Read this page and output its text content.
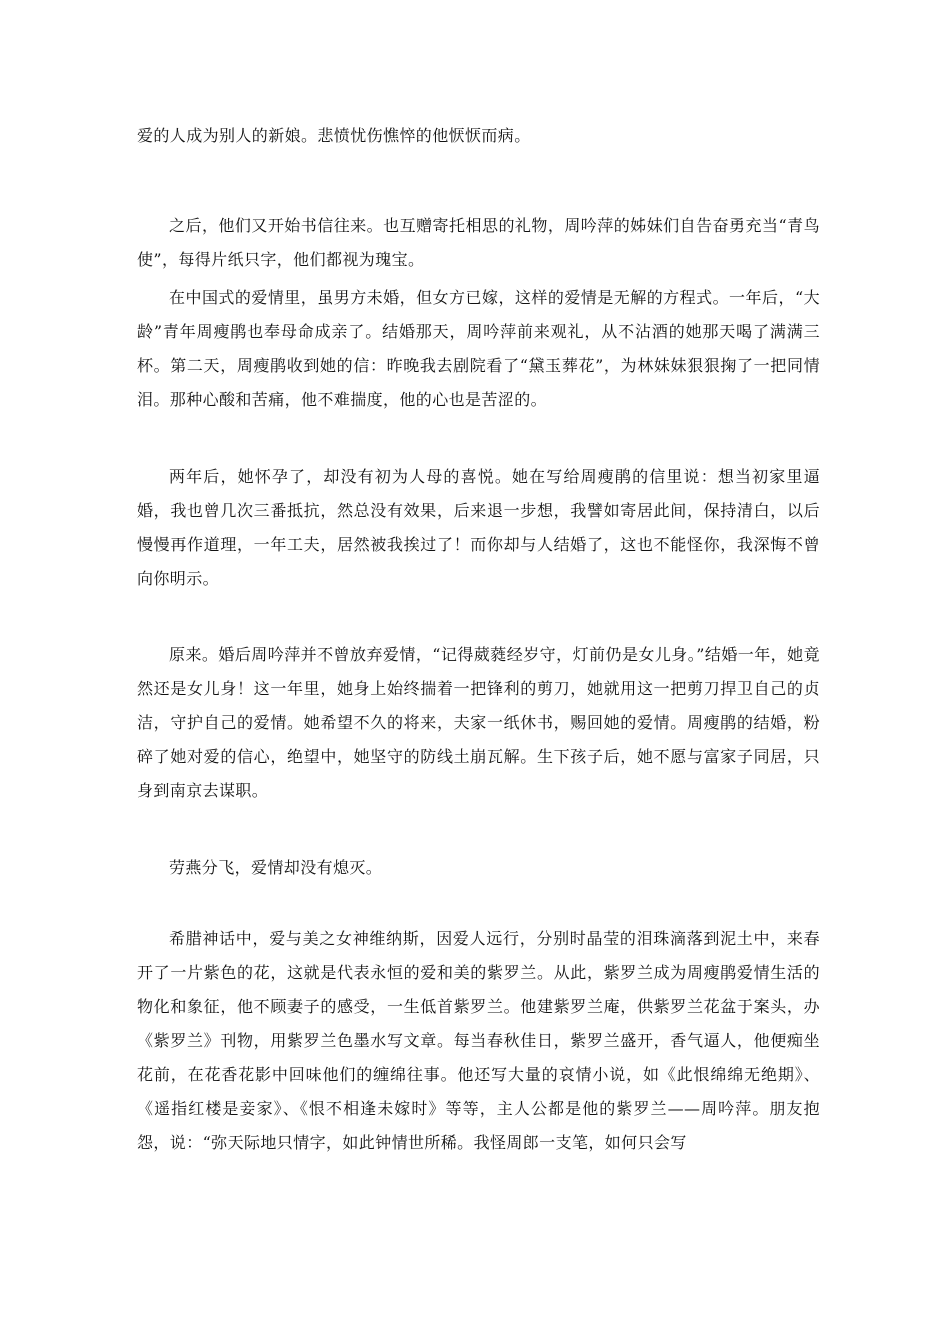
爱的人成为别人的新娘。悲愤忧伤憔悴的他恹恹而病。

之后，他们又开始书信往来。也互赠寄托相思的礼物，周吟萍的姊妹们自告奋勇充当“青鸟使”，每得片纸只字，他们都视为瑰宝。

在中国式的爱情里，虽男方未婚，但女方已嫁，这样的爱情是无解的方程式。一年后，“大龄”青年周瘦鹃也奉母命成亲了。结婚那天，周吟萍前来观礼，从不沾酒的她那天喝了满满三杯。第二天，周瘦鹃收到她的信：昨晚我去剧院看了“黛玉葬花”，为林妹妹狠狠掬了一把同情泪。那种心酸和苦痛，他不难揣度，他的心也是苦涩的。

两年后，她怀孕了，却没有初为人母的喜悦。她在写给周瘦鹃的信里说：想当初家里逼婚，我也曾几次三番抵抗，然总没有效果，后来退一步想，我譬如寄居此间，保持清白，以后慢慢再作道理，一年工夫，居然被我挨过了！而你却与人结婚了，这也不能怪你，我深悔不曾向你明示。

原来。婚后周吟萍并不曾放弃爱情，“记得葳蕤经岁守，灯前仍是女儿身。”结婚一年，她竟然还是女儿身！这一年里，她身上始终揣着一把锋利的剪刀，她就用这一把剪刀捍卫自己的贞洁，守护自己的爱情。她希望不久的将来，夫家一纸休书，赐回她的爱情。周瘦鹃的结婚，粉碎了她对爱的信心，绝望中，她坚守的防线土崩瓦解。生下孩子后，她不愿与富家子同居，只身到南京去谋职。

劳燕分飞，爱情却没有熄灭。

希腊神话中，爱与美之女神维纳斯，因爱人远行，分别时晶莹的泪珠滴落到泥土中，来春开了一片紫色的花，这就是代表永恒的爱和美的紫罗兰。从此，紫罗兰成为周瘦鹃爱情生活的物化和象征，他不顾妻子的感受，一生低首紫罗兰。他建紫罗兰庵，供紫罗兰花盆于案头，办《紫罗兰》刊物，用紫罗兰色墨水写文章。每当春秋佳日，紫罗兰盛开，香气逼人，他便痴坐花前，在花香花影中回味他们的缠绵往事。他还写大量的哀情小说，如《此恨绵绵无绝期》、《遥指红楼是妾家》、《恨不相逢未嫁时》等等，主人公都是他的紫罗兰——周吟萍。朋友抱怨，说：“弥天际地只情字，如此钟情世所稀。我怪周郎一支笔，如何只会写
